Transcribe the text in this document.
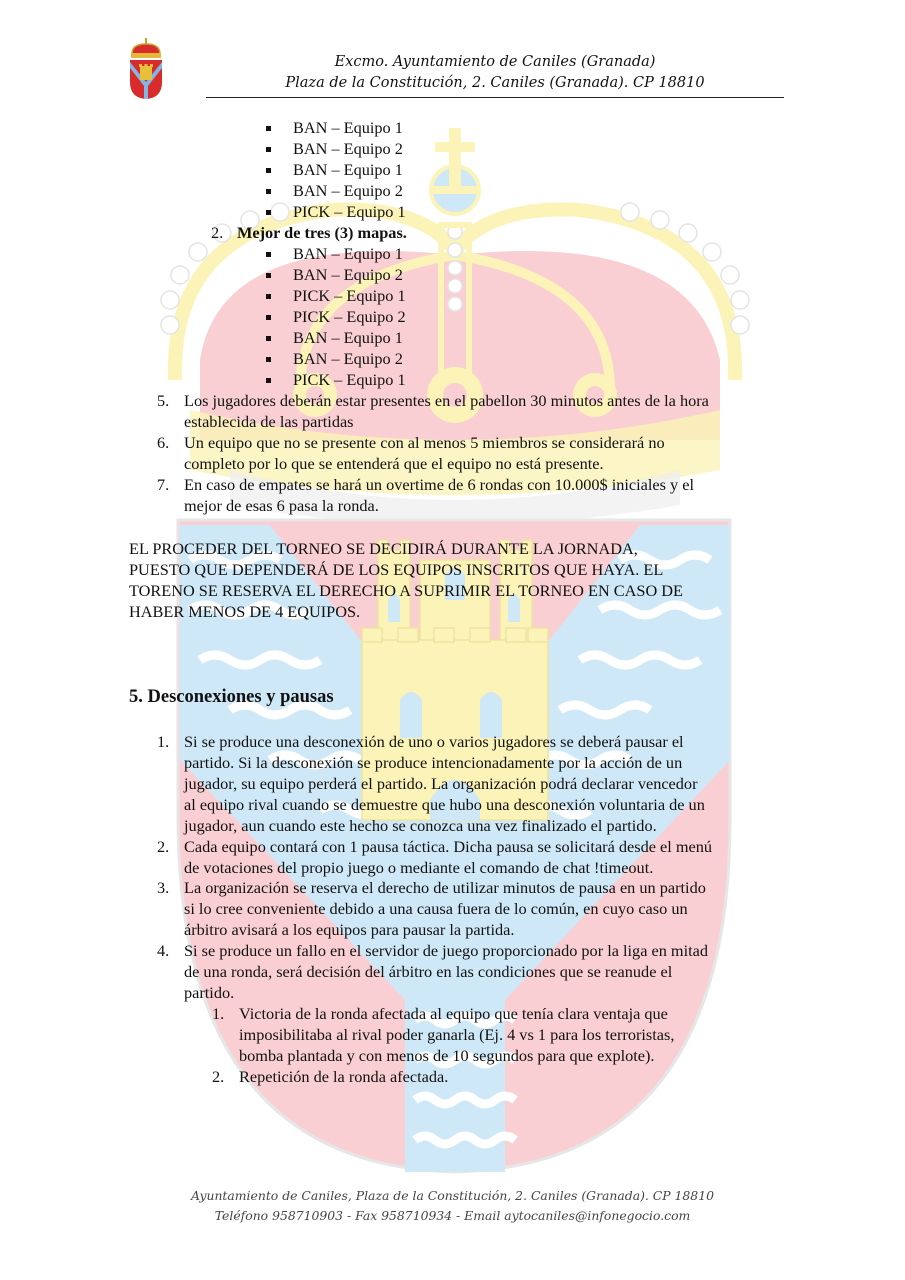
Excmo. Ayuntamiento de Caniles (Granada)
Plaza de la Constitución, 2. Caniles (Granada). CP 18810
BAN – Equipo 1
BAN – Equipo 2
BAN – Equipo 1
BAN – Equipo 2
PICK – Equipo 1
2. Mejor de tres (3) mapas.
BAN – Equipo 1
BAN – Equipo 2
PICK – Equipo 1
PICK – Equipo 2
BAN – Equipo 1
BAN – Equipo 2
PICK – Equipo 1
5. Los jugadores deberán estar presentes en el pabellon 30 minutos antes de la hora
establecida de las partidas
6. Un equipo que no se presente con al menos 5 miembros se considerará no
completo por lo que se entenderá que el equipo no está presente.
7. En caso de empates se hará un overtime de 6 rondas con 10.000$ iniciales y el
mejor de esas 6 pasa la ronda.
EL PROCEDER DEL TORNEO SE DECIDIRÁ DURANTE LA JORNADA,
PUESTO QUE DEPENDERÁ DE LOS EQUIPOS INSCRITOS QUE HAYA. EL
TORENO SE RESERVA EL DERECHO A SUPRIMIR EL TORNEO EN CASO DE
HABER MENOS DE 4 EQUIPOS.
5. Desconexiones y pausas
1. Si se produce una desconexión de uno o varios jugadores se deberá pausar el
partido. Si la desconexión se produce intencionadamente por la acción de un
jugador, su equipo perderá el partido. La organización podrá declarar vencedor
al equipo rival cuando se demuestre que hubo una desconexión voluntaria de un
jugador, aun cuando este hecho se conozca una vez finalizado el partido.
2. Cada equipo contará con 1 pausa táctica. Dicha pausa se solicitará desde el menú
de votaciones del propio juego o mediante el comando de chat !timeout.
3. La organización se reserva el derecho de utilizar minutos de pausa en un partido
si lo cree conveniente debido a una causa fuera de lo común, en cuyo caso un
árbitro avisará a los equipos para pausar la partida.
4. Si se produce un fallo en el servidor de juego proporcionado por la liga en mitad
de una ronda, será decisión del árbitro en las condiciones que se reanude el
partido.
1. Victoria de la ronda afectada al equipo que tenía clara ventaja que
imposibilitaba al rival poder ganarla (Ej. 4 vs 1 para los terroristas,
bomba plantada y con menos de 10 segundos para que explote).
2. Repetición de la ronda afectada.
Ayuntamiento de Caniles, Plaza de la Constitución, 2. Caniles (Granada). CP 18810
Teléfono 958710903 - Fax 958710934 - Email aytocaniles@infonegocio.com
